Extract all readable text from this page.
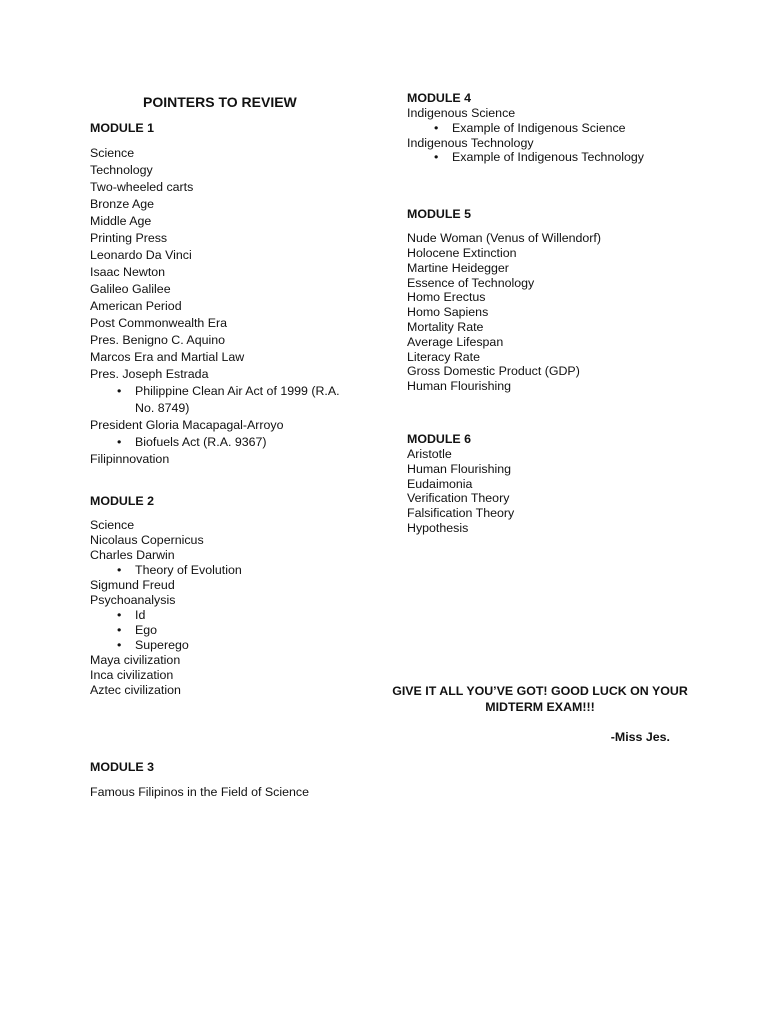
POINTERS TO REVIEW
MODULE 1
Science
Technology
Two-wheeled carts
Bronze Age
Middle Age
Printing Press
Leonardo Da Vinci
Isaac Newton
Galileo Galilee
American Period
Post Commonwealth Era
Pres. Benigno C. Aquino
Marcos Era and Martial Law
Pres. Joseph Estrada
•	Philippine Clean Air Act of 1999 (R.A. No. 8749)
President Gloria Macapagal-Arroyo
•	Biofuels Act (R.A. 9367)
Filipinnovation
MODULE 2
Science
Nicolaus Copernicus
Charles Darwin
•	Theory of Evolution
Sigmund Freud
Psychoanalysis
•	Id
•	Ego
•	Superego
Maya civilization
Inca civilization
Aztec civilization
MODULE 3
Famous Filipinos in the Field of Science
MODULE 4
Indigenous Science
•	Example of Indigenous Science
Indigenous Technology
•	Example of Indigenous Technology
MODULE 5
Nude Woman (Venus of Willendorf)
Holocene Extinction
Martine Heidegger
Essence of Technology
Homo Erectus
Homo Sapiens
Mortality Rate
Average Lifespan
Literacy Rate
Gross Domestic Product (GDP)
Human Flourishing
MODULE 6
Aristotle
Human Flourishing
Eudaimonia
Verification Theory
Falsification Theory
Hypothesis
GIVE IT ALL YOU’VE GOT! GOOD LUCK ON YOUR MIDTERM EXAM!!!
-Miss Jes.
